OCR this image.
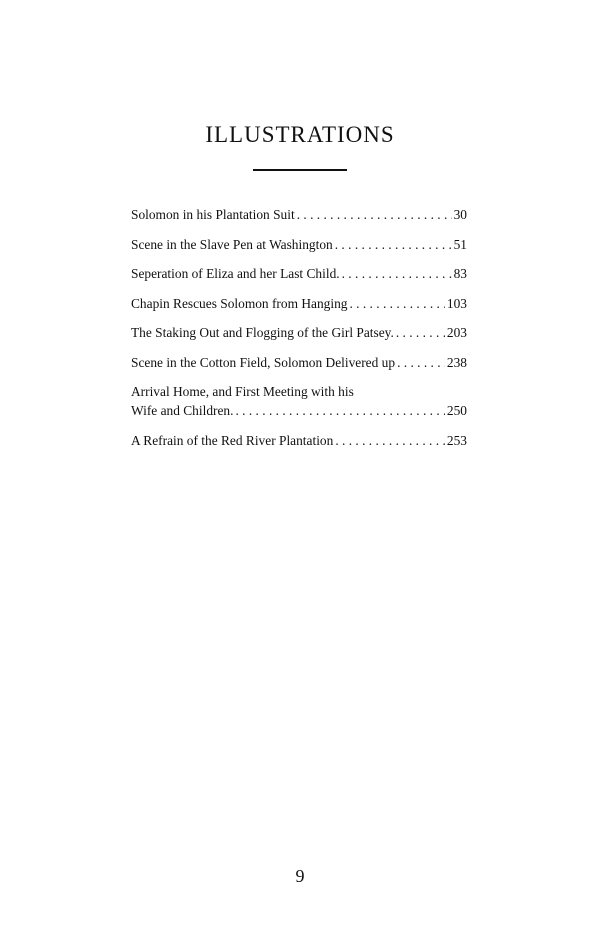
ILLUSTRATIONS
Solomon in his Plantation Suit . . .	30
Scene in the Slave Pen at Washington . . .	51
Seperation of Eliza and her Last Child. . . .	83
Chapin Rescues Solomon from Hanging . . .	103
The Staking Out and Flogging of the Girl Patsey. . . .	203
Scene in the Cotton Field, Solomon Delivered up . . .	238
Arrival Home, and First Meeting with his
Wife and Children. . . .	250
A Refrain of the Red River Plantation . . .	253
9
